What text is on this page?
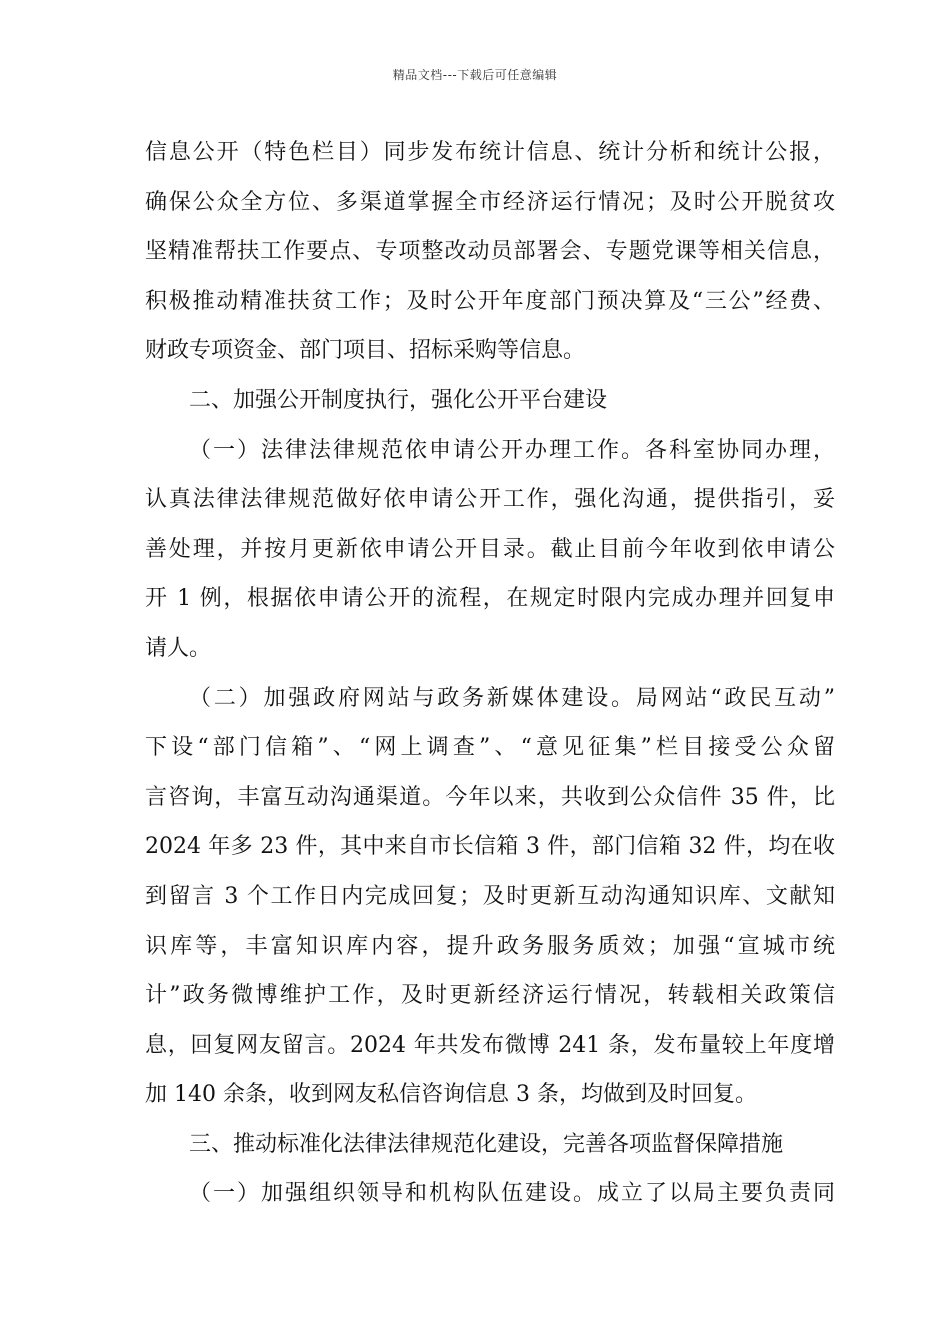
精品文档---下载后可任意编辑
信息公开（特色栏目）同步发布统计信息、统计分析和统计公报，
确保公众全方位、多渠道掌握全市经济运行情况；及时公开脱贫攻
坚精准帮扶工作要点、专项整改动员部署会、专题党课等相关信息，
积极推动精准扶贫工作；及时公开年度部门预决算及“三公”经费、
财政专项资金、部门项目、招标采购等信息。
二、加强公开制度执行，强化公开平台建设
（一）法律法律规范依申请公开办理工作。各科室协同办理，
认真法律法律规范做好依申请公开工作，强化沟通，提供指引，妥
善处理，并按月更新依申请公开目录。截止目前今年收到依申请公
开 1 例，根据依申请公开的流程，在规定时限内完成办理并回复申
请人。
（二）加强政府网站与政务新媒体建设。局网站“政民互动”
下设“部门信箱”、“网上调查”、“意见征集”栏目接受公众留
言咨询，丰富互动沟通渠道。今年以来，共收到公众信件 35 件，比
2024 年多 23 件，其中来自市长信箱 3 件，部门信箱 32 件，均在收
到留言 3 个工作日内完成回复；及时更新互动沟通知识库、文献知
识库等，丰富知识库内容，提升政务服务质效；加强“宣城市统
计”政务微博维护工作，及时更新经济运行情况，转载相关政策信
息，回复网友留言。2024 年共发布微博 241 条，发布量较上年度增
加 140 余条，收到网友私信咨询信息 3 条，均做到及时回复。
三、推动标准化法律法律规范化建设，完善各项监督保障措施
（一）加强组织领导和机构队伍建设。成立了以局主要负责同
